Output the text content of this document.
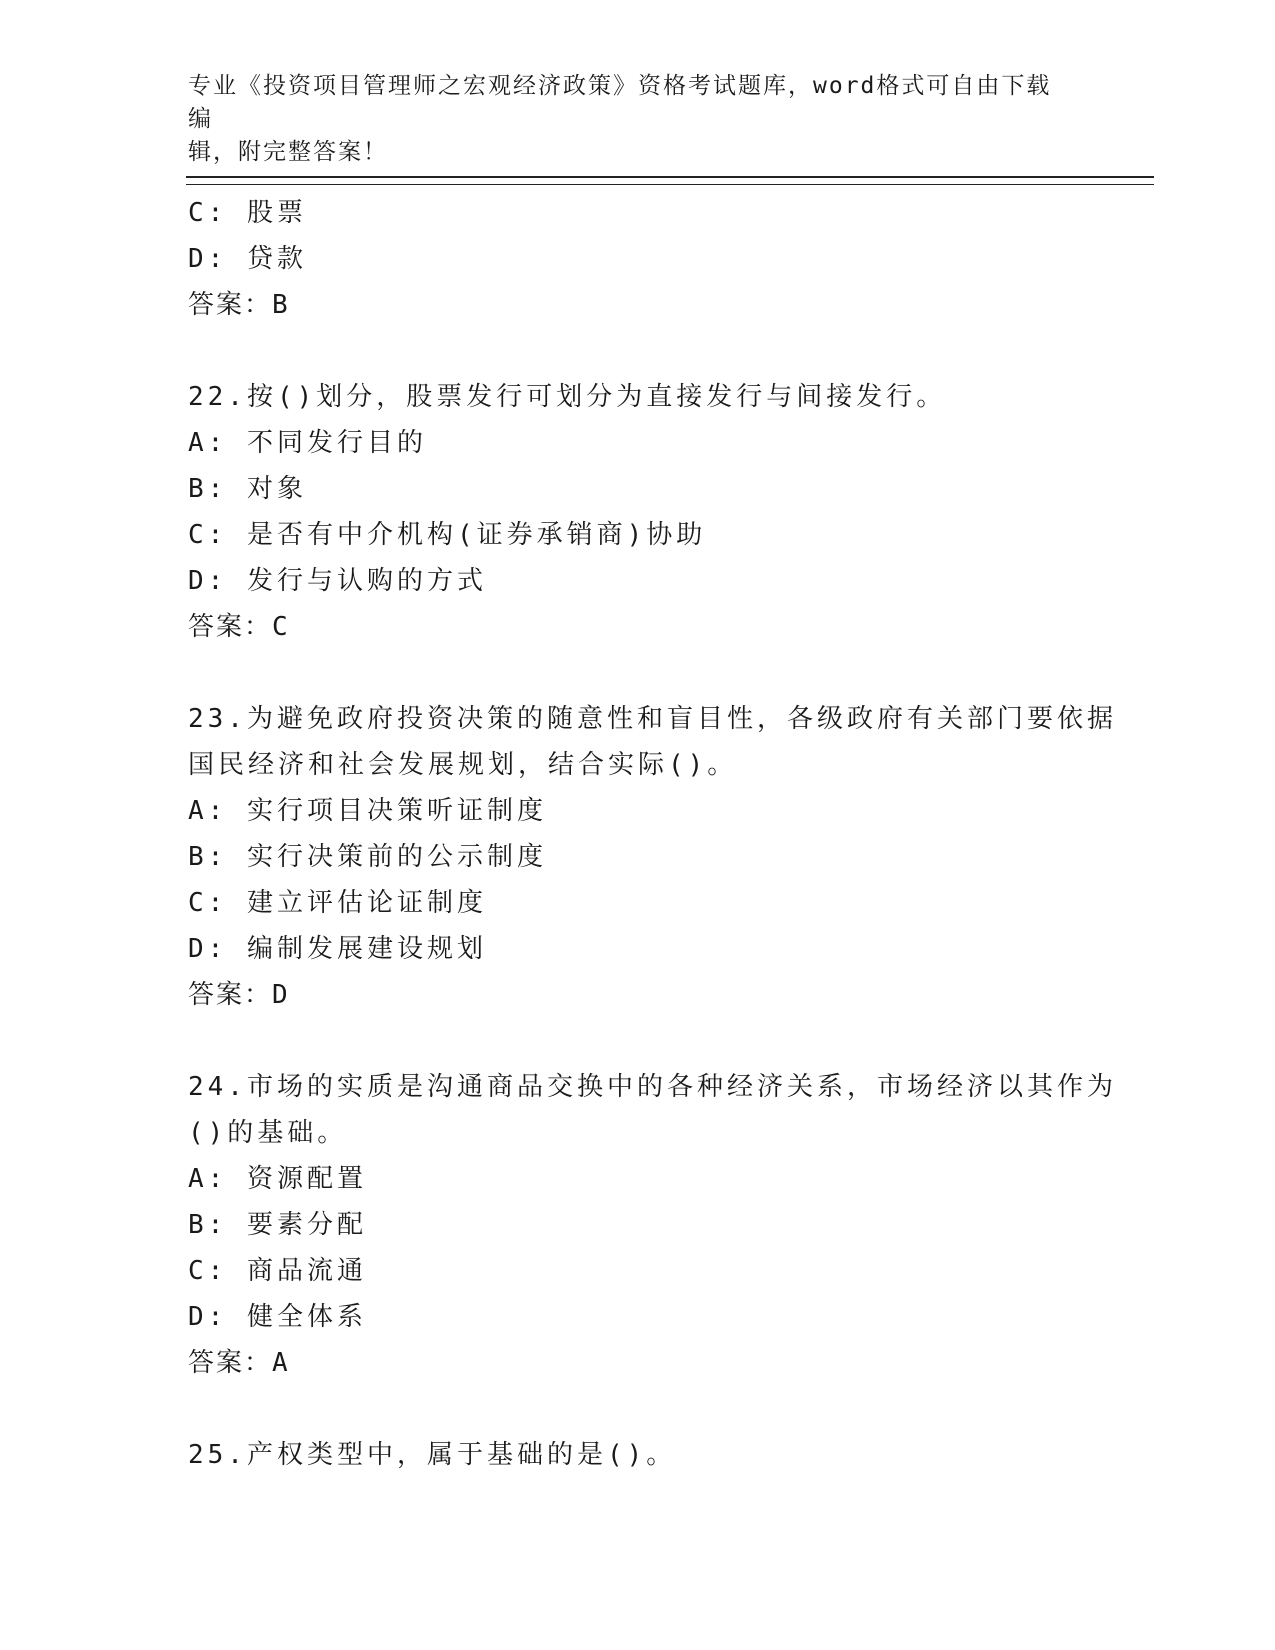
专业《投资项目管理师之宏观经济政策》资格考试题库，word格式可自由下载编
辑，附完整答案！
C: 股票
D: 贷款
答案：B
22.按()划分，股票发行可划分为直接发行与间接发行。
A: 不同发行目的
B: 对象
C: 是否有中介机构(证券承销商)协助
D: 发行与认购的方式
答案：C
23.为避免政府投资决策的随意性和盲目性，各级政府有关部门要依据
国民经济和社会发展规划，结合实际()。
A: 实行项目决策听证制度
B: 实行决策前的公示制度
C: 建立评估论证制度
D: 编制发展建设规划
答案：D
24.市场的实质是沟通商品交换中的各种经济关系，市场经济以其作为
()的基础。
A: 资源配置
B: 要素分配
C: 商品流通
D: 健全体系
答案：A
25.产权类型中，属于基础的是()。
